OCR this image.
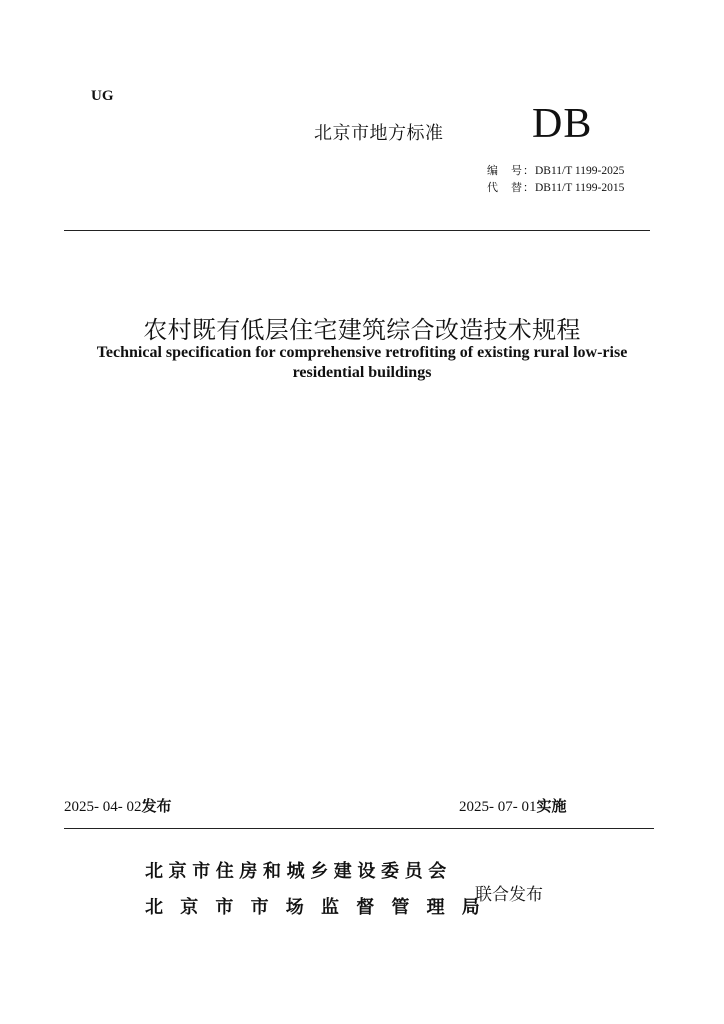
UG
北京市地方标准 DB
编　号：DB11/T 1199-2025
代　替：DB11/T 1199-2015
农村既有低层住宅建筑综合改造技术规程
Technical specification for comprehensive retrofiting of existing rural low-rise residential buildings
2025- 04- 02发布	2025- 07- 01实施
北京市住房和城乡建设委员会
北京市市场监督管理局
联合发布
